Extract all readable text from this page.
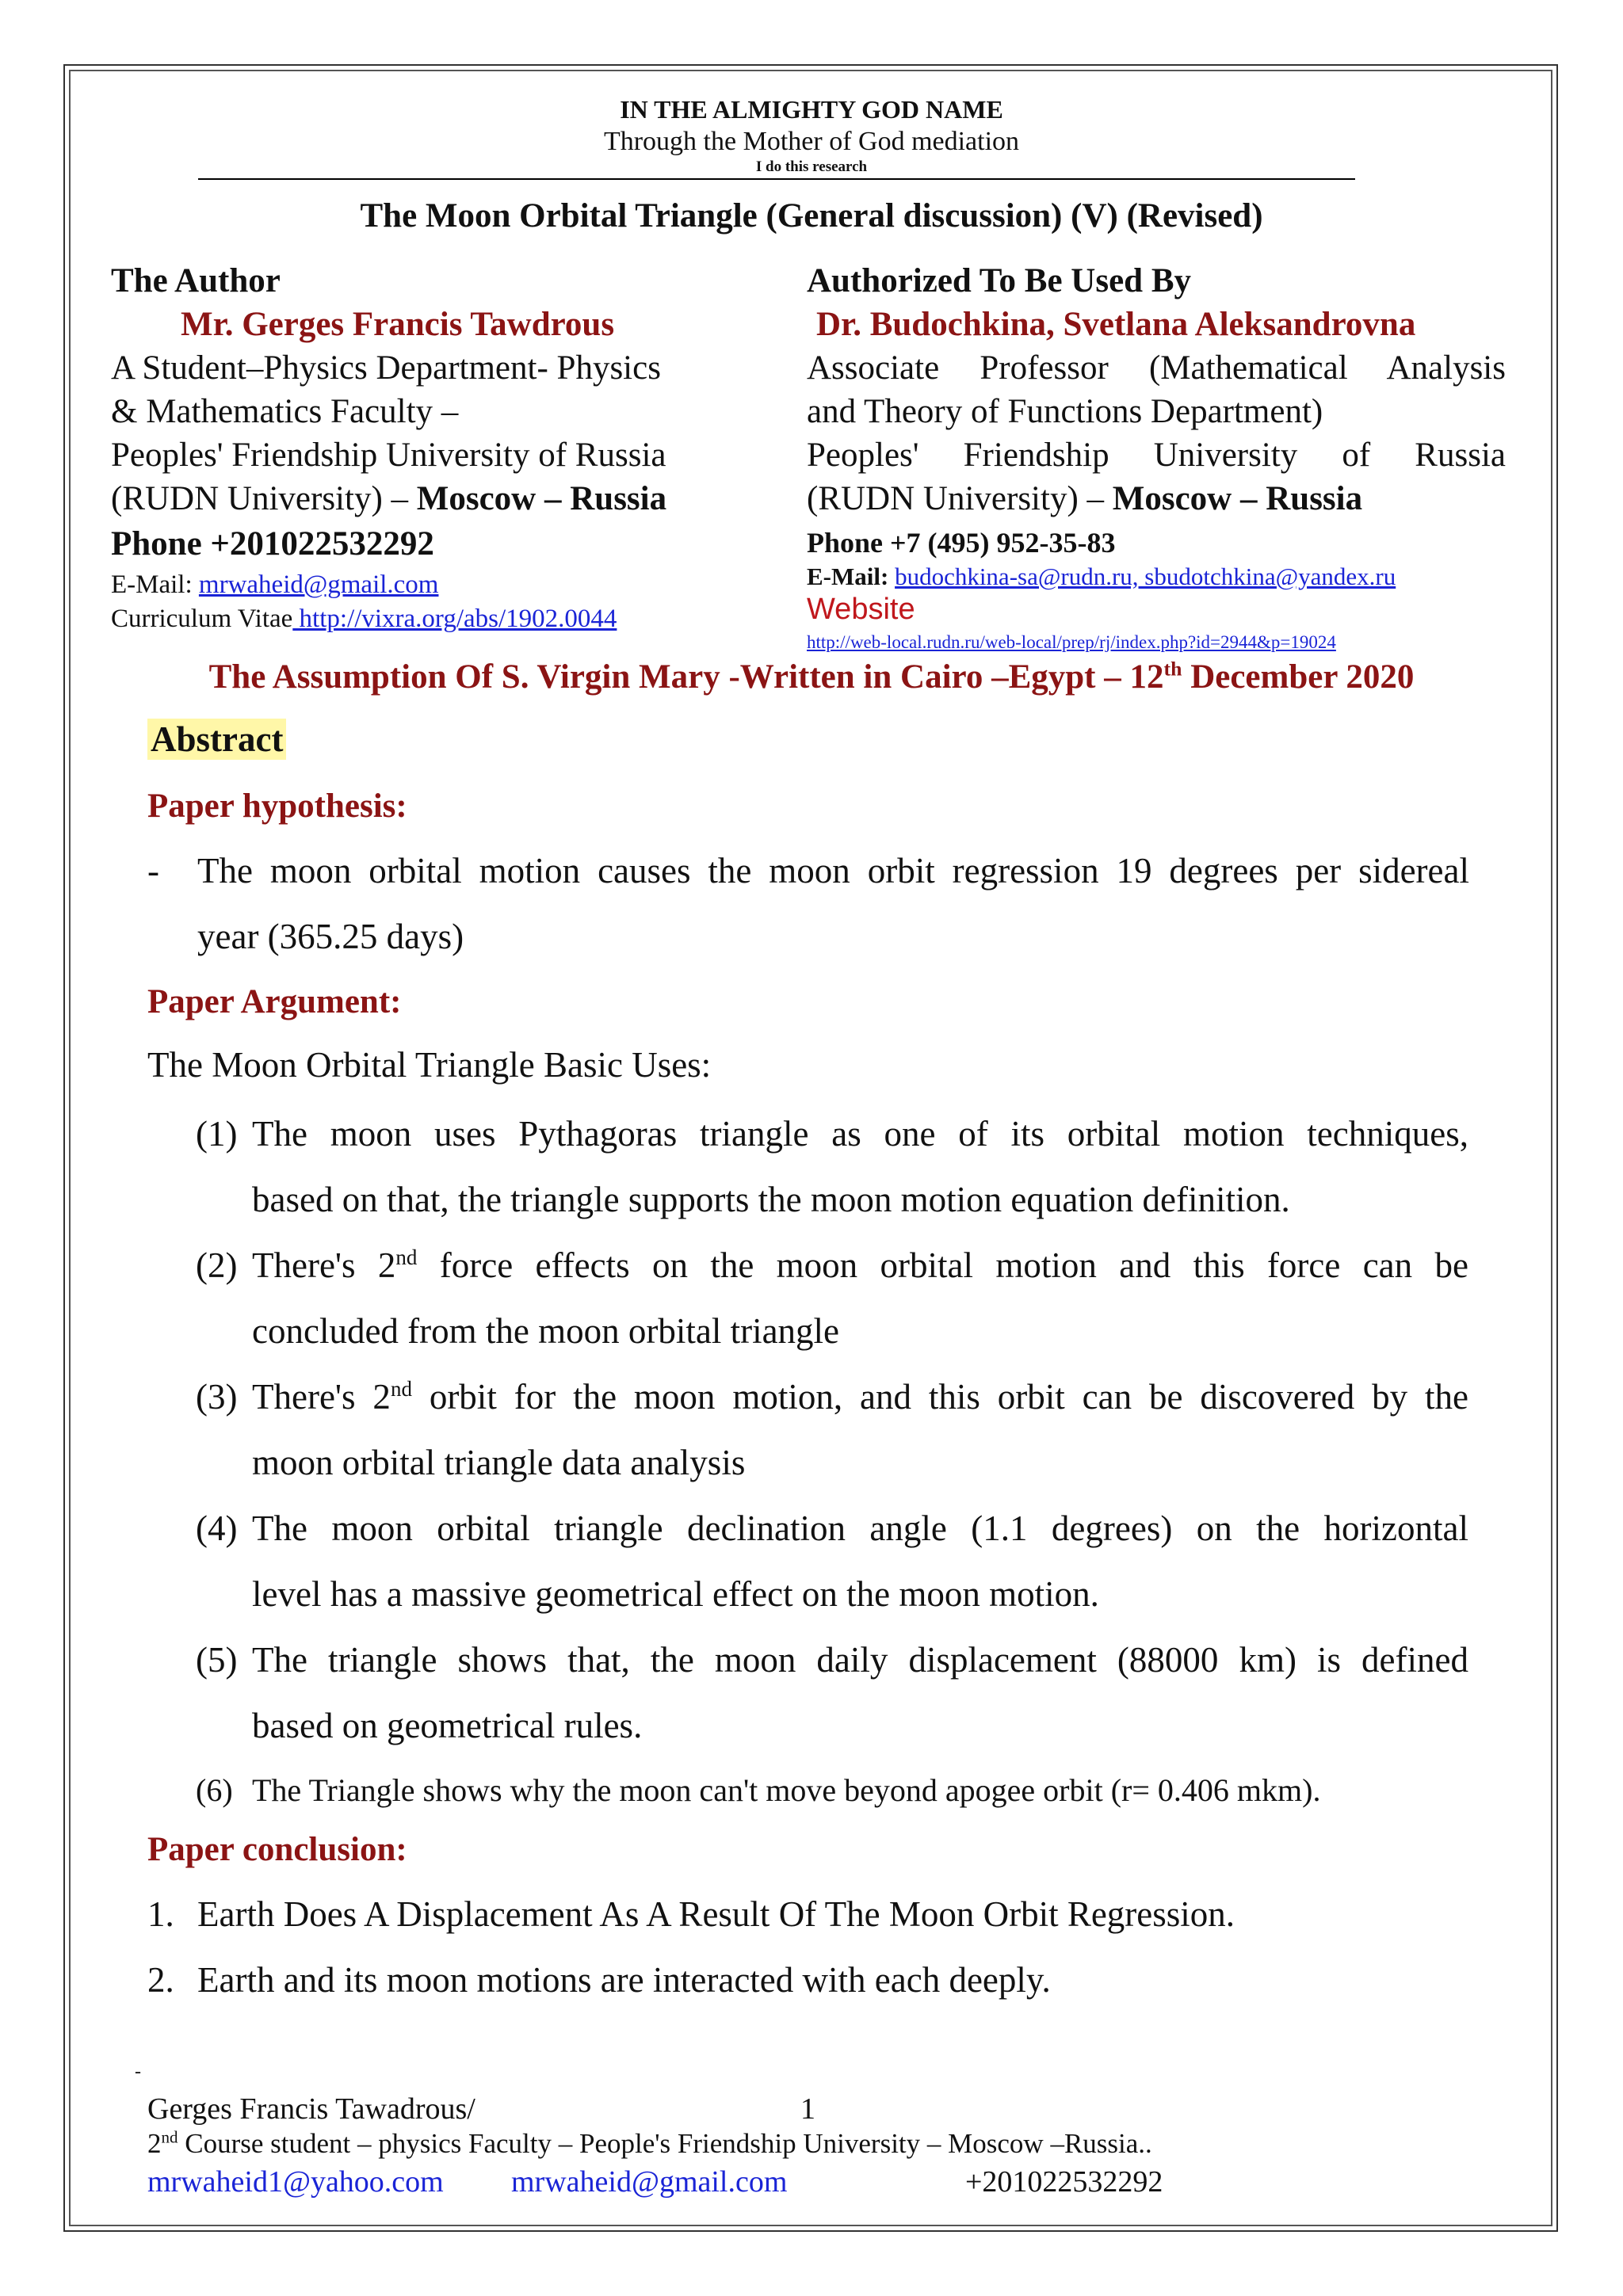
IN THE ALMIGHTY GOD NAME
Through the Mother of God mediation
I do this research
The Moon Orbital Triangle (General discussion) (V) (Revised)
The Author
Mr. Gerges Francis Tawdrous
A Student–Physics Department- Physics
& Mathematics Faculty –
Peoples' Friendship University of Russia
(RUDN University) – Moscow – Russia
Phone +201022532292
E-Mail: mrwaheid@gmail.com
Curriculum Vitae http://vixra.org/abs/1902.0044
Authorized To Be Used By
Dr. Budochkina, Svetlana Aleksandrovna
Associate Professor (Mathematical Analysis
and Theory of Functions Department)
Peoples' Friendship University of Russia
(RUDN University) – Moscow – Russia
Phone +7 (495) 952-35-83
E-Mail: budochkina-sa@rudn.ru, sbudotchkina@yandex.ru
Website
http://web-local.rudn.ru/web-local/prep/rj/index.php?id=2944&p=19024
The Assumption Of S. Virgin Mary -Written in Cairo –Egypt – 12th December 2020
Abstract
Paper hypothesis:
- The moon orbital motion causes the moon orbit regression 19 degrees per sidereal
year (365.25 days)
Paper Argument:
The Moon Orbital Triangle Basic Uses:
(1) The moon uses Pythagoras triangle as one of its orbital motion techniques,
based on that, the triangle supports the moon motion equation definition.
(2) There's 2nd force effects on the moon orbital motion and this force can be
concluded from the moon orbital triangle
(3) There's 2nd orbit for the moon motion, and this orbit can be discovered by the
moon orbital triangle data analysis
(4) The moon orbital triangle declination angle (1.1 degrees) on the horizontal
level has a massive geometrical effect on the moon motion.
(5) The triangle shows that, the moon daily displacement (88000 km) is defined
based on geometrical rules.
(6) The Triangle shows why the moon can't move beyond apogee orbit (r= 0.406 mkm).
Paper conclusion:
1. Earth Does A Displacement As A Result Of The Moon Orbit Regression.
2. Earth and its moon motions are interacted with each deeply.
-
Gerges Francis Tawadrous/	1
2nd Course student – physics Faculty – People's Friendship University – Moscow –Russia..
mrwaheid1@yahoo.com mrwaheid@gmail.com	+201022532292
